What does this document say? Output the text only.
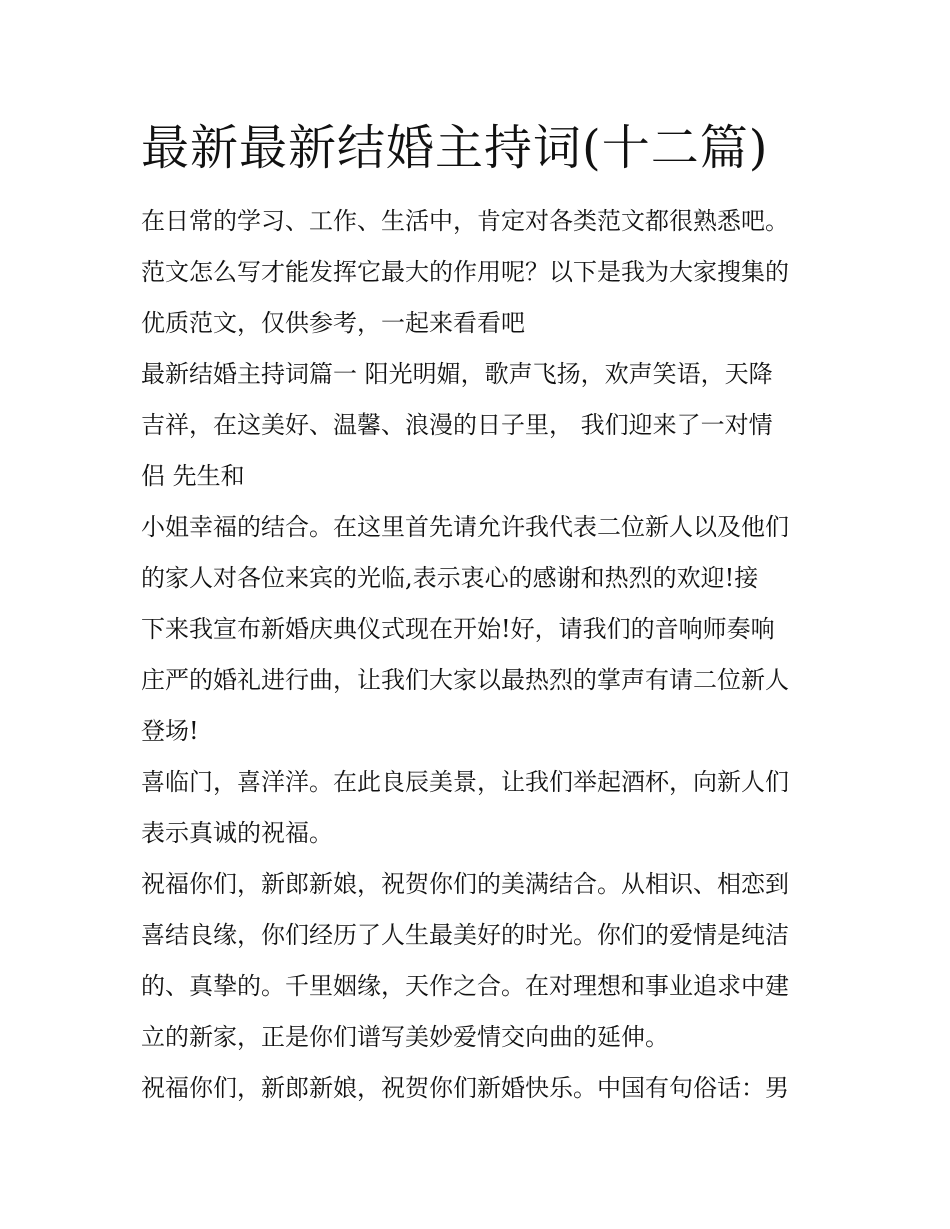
最新最新结婚主持词(十二篇)
在日常的学习、工作、生活中，肯定对各类范文都很熟悉吧。
范文怎么写才能发挥它最大的作用呢？以下是我为大家搜集的
优质范文，仅供参考，一起来看看吧
最新结婚主持词篇一 阳光明媚，歌声飞扬，欢声笑语，天降
吉祥，在这美好、温馨、浪漫的日子里， 我们迎来了一对情
侣 先生和
小姐幸福的结合。在这里首先请允许我代表二位新人以及他们
的家人对各位来宾的光临,表示衷心的感谢和热烈的欢迎!接
下来我宣布新婚庆典仪式现在开始!好，请我们的音响师奏响
庄严的婚礼进行曲，让我们大家以最热烈的掌声有请二位新人
登场!
喜临门，喜洋洋。在此良辰美景，让我们举起酒杯，向新人们
表示真诚的祝福。
祝福你们，新郎新娘，祝贺你们的美满结合。从相识、相恋到
喜结良缘，你们经历了人生最美好的时光。你们的爱情是纯洁
的、真挚的。千里姻缘，天作之合。在对理想和事业追求中建
立的新家，正是你们谱写美妙爱情交向曲的延伸。
祝福你们，新郎新娘，祝贺你们新婚快乐。中国有句俗话：男
